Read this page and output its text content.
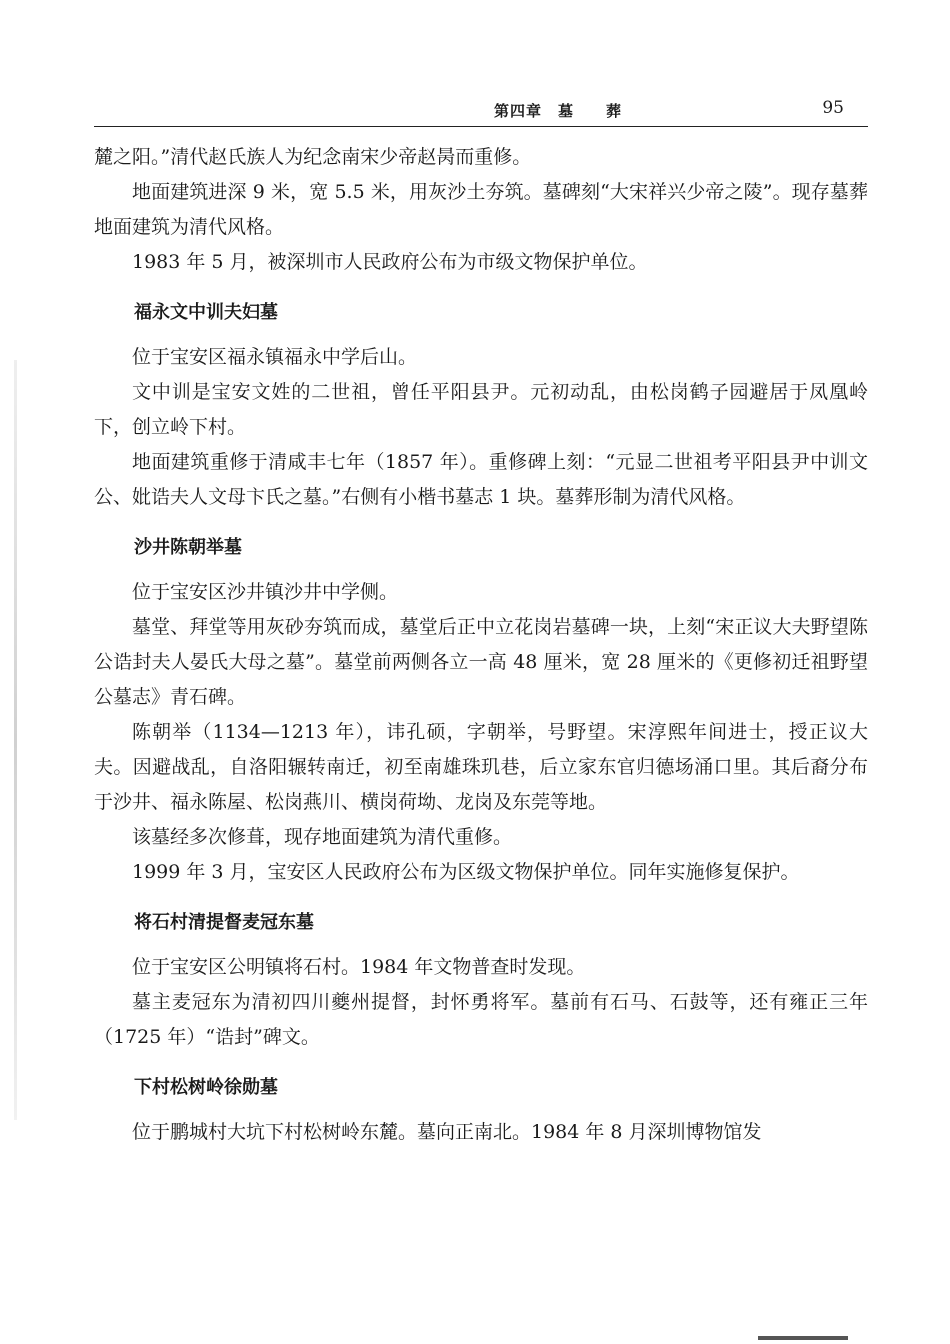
第四章　墓　　葬	95

麓之阳。”清代赵氏族人为纪念南宋少帝赵昺而重修。

地面建筑进深 9 米，宽 5.5 米，用灰沙土夯筑。墓碑刻“大宋祥兴少帝之陵”。现存墓葬地面建筑为清代风格。

1983 年 5 月，被深圳市人民政府公布为市级文物保护单位。

福永文中训夫妇墓

位于宝安区福永镇福永中学后山。

文中训是宝安文姓的二世祖，曾任平阳县尹。元初动乱，由松岗鹤子园避居于凤凰岭下，创立岭下村。

地面建筑重修于清咸丰七年（1857 年）。重修碑上刻：“元显二世祖考平阳县尹中训文公、妣诰夫人文母卞氏之墓。”右侧有小楷书墓志 1 块。墓葬形制为清代风格。

沙井陈朝举墓

位于宝安区沙井镇沙井中学侧。

墓堂、拜堂等用灰砂夯筑而成，墓堂后正中立花岗岩墓碑一块，上刻“宋正议大夫野望陈公诰封夫人晏氏大母之墓”。墓堂前两侧各立一高 48 厘米，宽 28 厘米的《更修初迁祖野望公墓志》青石碑。

陈朝举（1134—1213 年），讳孔硕，字朝举，号野望。宋淳熙年间进士，授正议大夫。因避战乱，自洛阳辗转南迁，初至南雄珠玑巷，后立家东官归德场涌口里。其后裔分布于沙井、福永陈屋、松岗燕川、横岗荷坳、龙岗及东莞等地。

该墓经多次修葺，现存地面建筑为清代重修。

1999 年 3 月，宝安区人民政府公布为区级文物保护单位。同年实施修复保护。

将石村清提督麦冠东墓

位于宝安区公明镇将石村。1984 年文物普查时发现。

墓主麦冠东为清初四川夔州提督，封怀勇将军。墓前有石马、石鼓等，还有雍正三年（1725 年）“诰封”碑文。

下村松树岭徐勋墓

位于鹏城村大坑下村松树岭东麓。墓向正南北。1984 年 8 月深圳博物馆发
